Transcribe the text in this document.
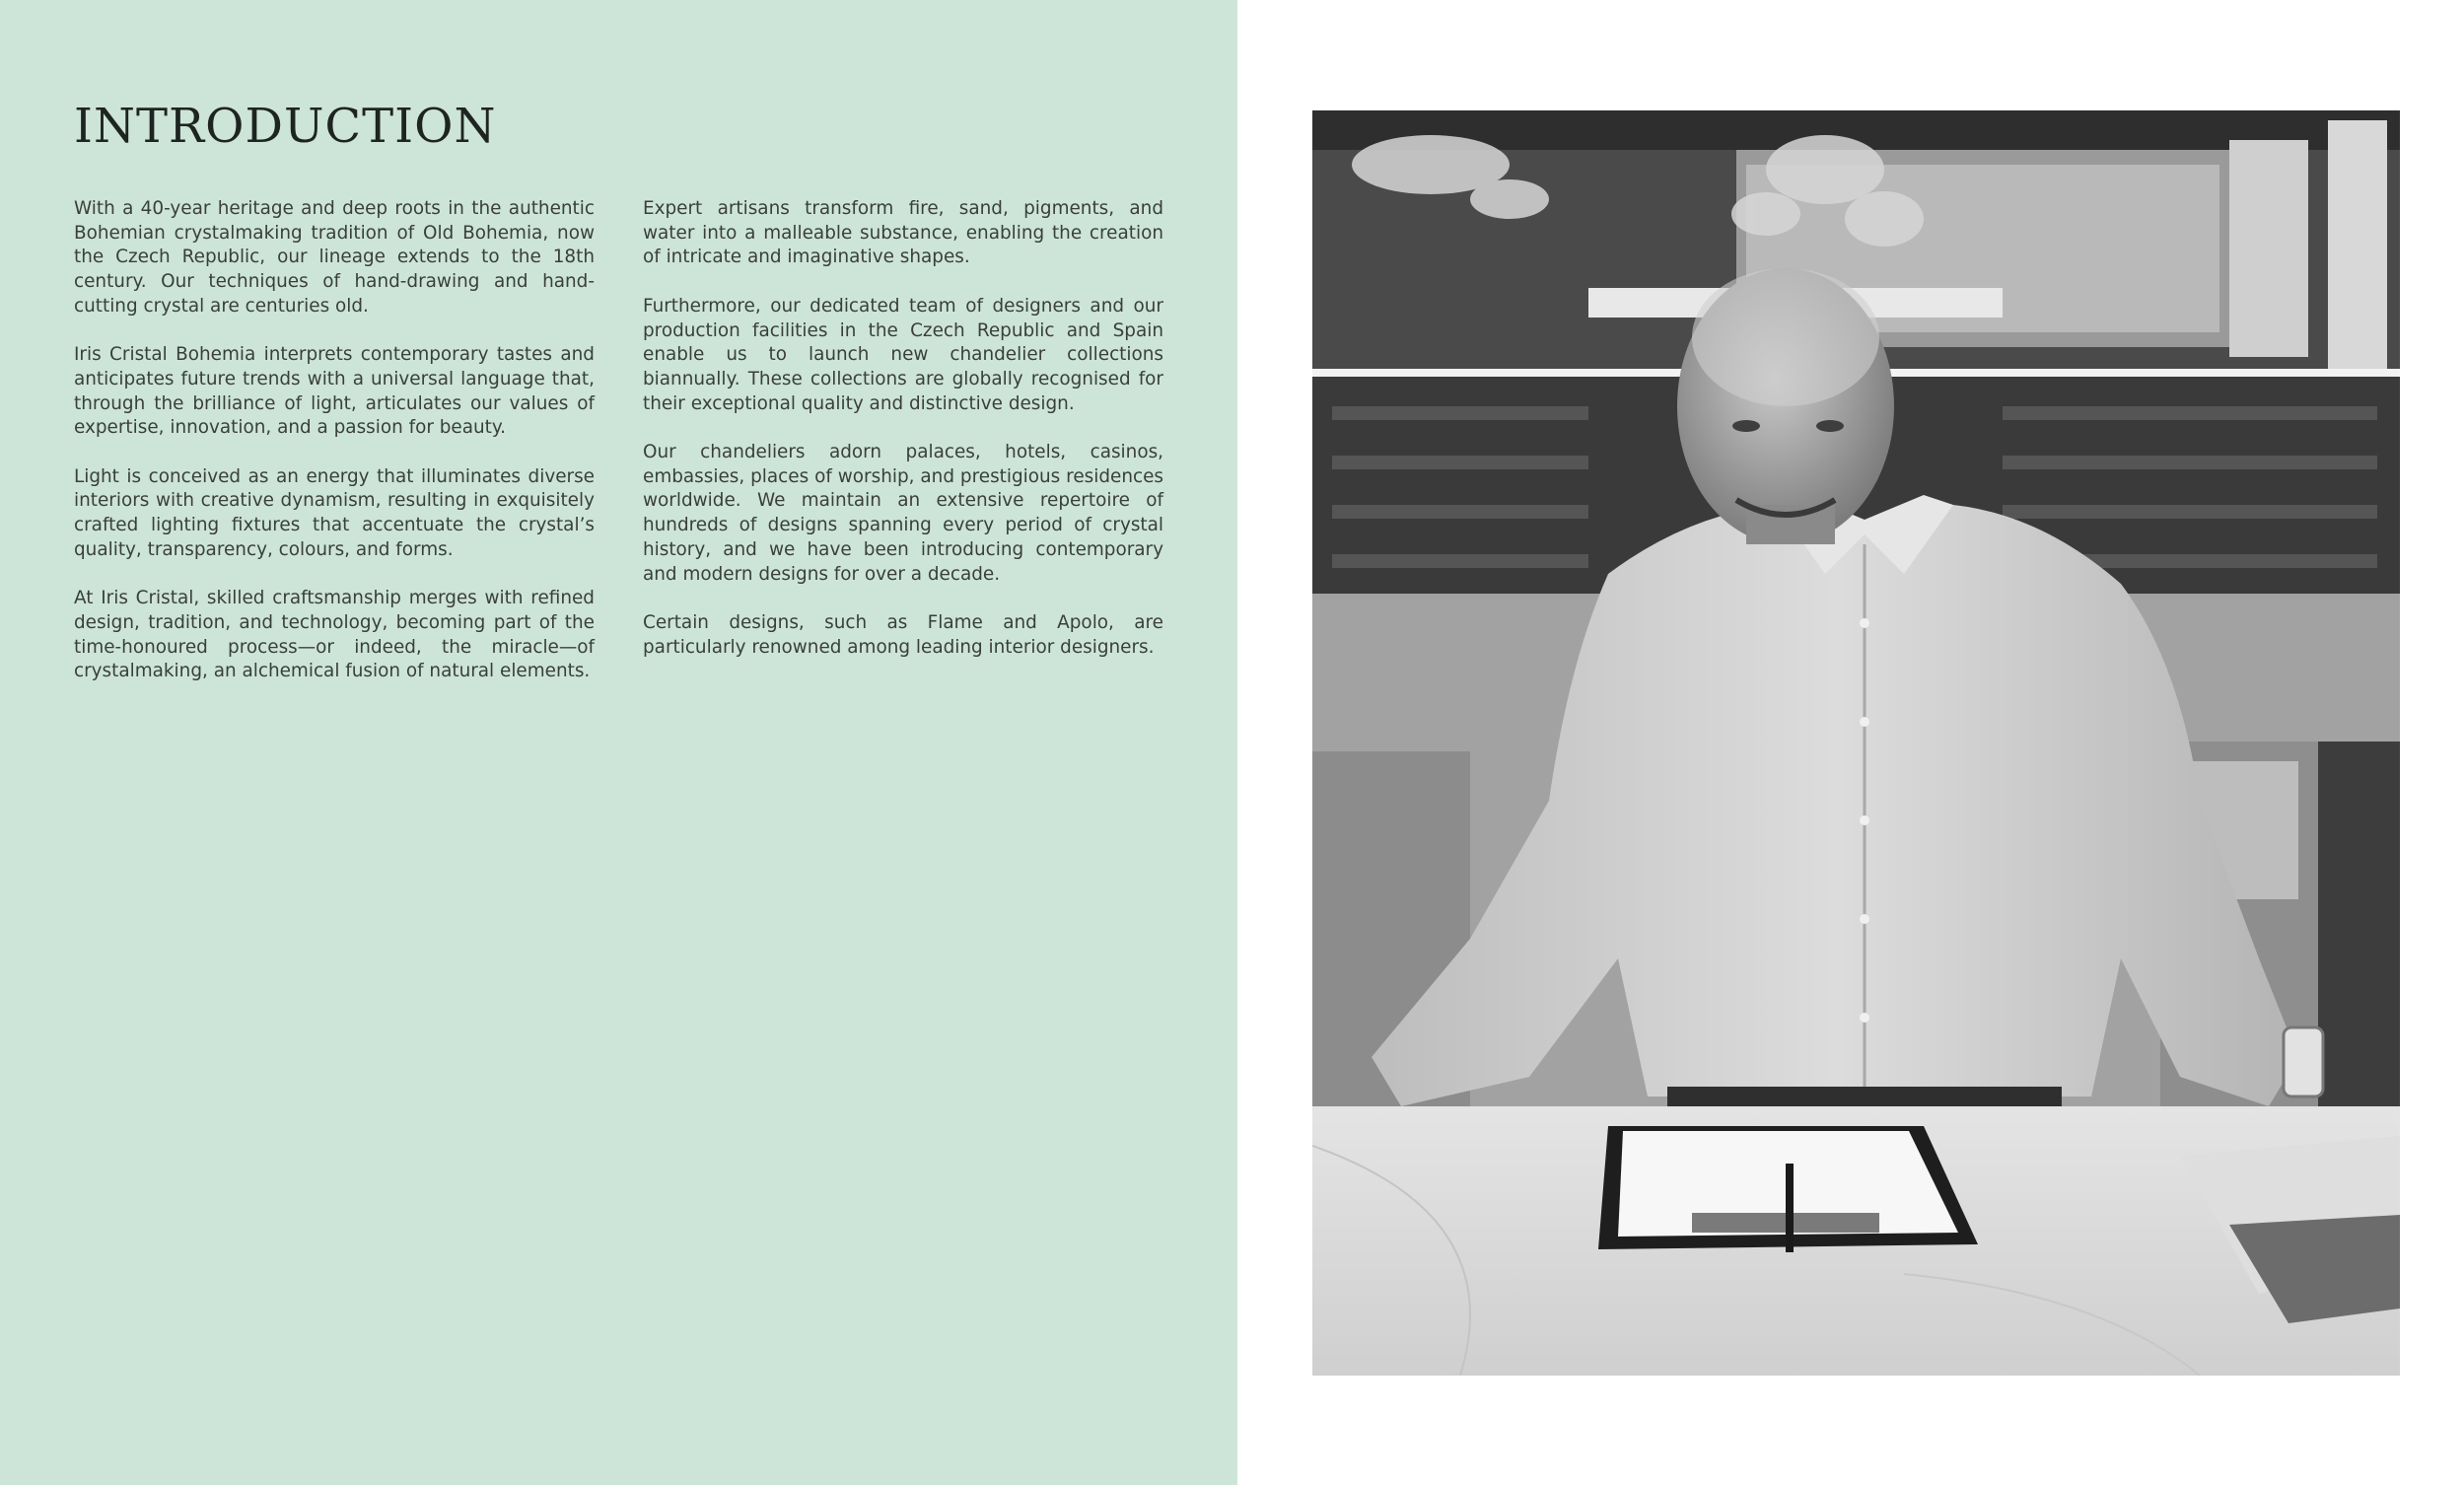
INTRODUCTION

With a 40-year heritage and deep roots in the authentic Bohemian crystalmaking tradition of Old Bohemia, now the Czech Republic, our lineage extends to the 18th century. Our techniques of hand-drawing and hand-cutting crystal are centuries old.

Iris Cristal Bohemia interprets contemporary tastes and anticipates future trends with a universal language that, through the brilliance of light, articulates our values of expertise, innovation, and a passion for beauty.

Light is conceived as an energy that illuminates diverse interiors with creative dynamism, resulting in exquisitely crafted lighting fixtures that accentuate the crystal’s quality, transparency, colours, and forms.

At Iris Cristal, skilled craftsmanship merges with refined design, tradition, and technology, becoming part of the time-honoured process—or indeed, the miracle—of crystalmaking, an alchemical fusion of natural elements.

Expert artisans transform fire, sand, pigments, and water into a malleable substance, enabling the creation of intricate and imaginative shapes.

Furthermore, our dedicated team of designers and our production facilities in the Czech Republic and Spain enable us to launch new chandelier collections biannually. These collections are globally recognised for their exceptional quality and distinctive design.

Our chandeliers adorn palaces, hotels, casinos, embassies, places of worship, and prestigious residences worldwide. We maintain an extensive repertoire of hundreds of designs spanning every period of crystal history, and we have been introducing contemporary and modern designs for over a decade.

Certain designs, such as Flame and Apolo, are particularly renowned among leading interior designers.
